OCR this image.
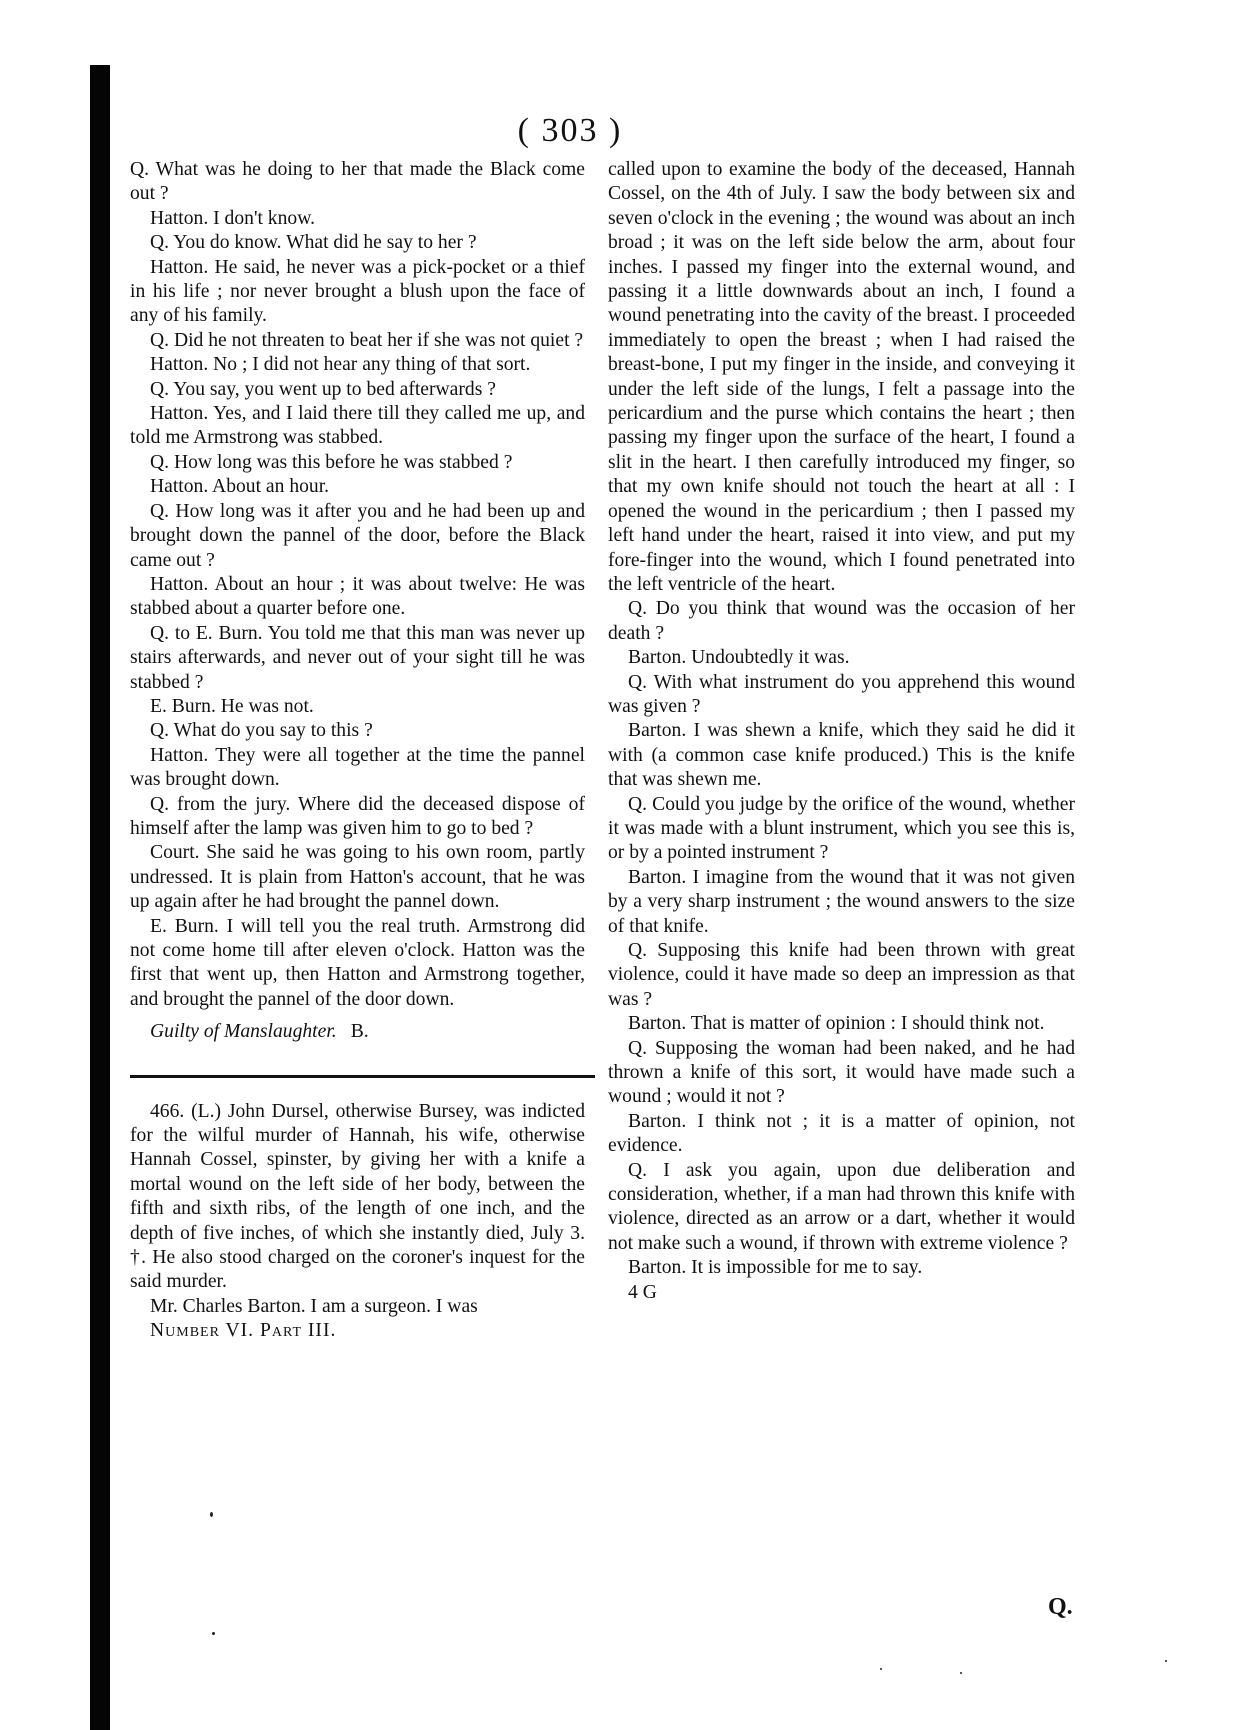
( 303 )

Q. What was he doing to her that made the Black come out ?

Hatton. I don't know.

Q. You do know. What did he say to her ?

Hatton. He said, he never was a pick-pocket or a thief in his life ; nor never brought a blush upon the face of any of his family.

Q. Did he not threaten to beat her if she was not quiet ?

Hatton. No ; I did not hear any thing of that sort.

Q. You say, you went up to bed afterwards ?

Hatton. Yes, and I laid there till they called me up, and told me Armstrong was stabbed.

Q. How long was this before he was stabbed ?

Hatton. About an hour.

Q. How long was it after you and he had been up and brought down the pannel of the door, before the Black came out ?

Hatton. About an hour ; it was about twelve: He was stabbed about a quarter before one.

Q. to E. Burn. You told me that this man was never up stairs afterwards, and never out of your sight till he was stabbed ?

E. Burn. He was not.

Q. What do you say to this ?

Hatton. They were all together at the time the pannel was brought down.

Q. from the jury. Where did the deceased dispose of himself after the lamp was given him to go to bed ?

Court. She said he was going to his own room, partly undressed. It is plain from Hatton's account, that he was up again after he had brought the pannel down.

E. Burn. I will tell you the real truth. Armstrong did not come home till after eleven o'clock. Hatton was the first that went up, then Hatton and Armstrong together, and brought the pannel of the door down.

Guilty of Manslaughter. B.

466. (L.) John Dursel, otherwise Bursey, was indicted for the wilful murder of Hannah, his wife, otherwise Hannah Cossel, spinster, by giving her with a knife a mortal wound on the left side of her body, between the fifth and sixth ribs, of the length of one inch, and the depth of five inches, of which she instantly died, July 3. †. He also stood charged on the coroner's inquest for the said murder.

Mr. Charles Barton. I am a surgeon. I was

Number VI. Part III.

called upon to examine the body of the deceased, Hannah Cossel, on the 4th of July. I saw the body between six and seven o'clock in the evening ; the wound was about an inch broad ; it was on the left side below the arm, about four inches. I passed my finger into the external wound, and passing it a little downwards about an inch, I found a wound penetrating into the cavity of the breast. I proceeded immediately to open the breast ; when I had raised the breast-bone, I put my finger in the inside, and conveying it under the left side of the lungs, I felt a passage into the pericardium and the purse which contains the heart ; then passing my finger upon the surface of the heart, I found a slit in the heart. I then carefully introduced my finger, so that my own knife should not touch the heart at all : I opened the wound in the pericardium ; then I passed my left hand under the heart, raised it into view, and put my fore-finger into the wound, which I found penetrated into the left ventricle of the heart.

Q. Do you think that wound was the occasion of her death ?

Barton. Undoubtedly it was.

Q. With what instrument do you apprehend this wound was given ?

Barton. I was shewn a knife, which they said he did it with (a common case knife produced.) This is the knife that was shewn me.

Q. Could you judge by the orifice of the wound, whether it was made with a blunt instrument, which you see this is, or by a pointed instrument ?

Barton. I imagine from the wound that it was not given by a very sharp instrument ; the wound answers to the size of that knife.

Q. Supposing this knife had been thrown with great violence, could it have made so deep an impression as that was ?

Barton. That is matter of opinion : I should think not.

Q. Supposing the woman had been naked, and he had thrown a knife of this sort, it would have made such a wound ; would it not ?

Barton. I think not ; it is a matter of opinion, not evidence.

Q. I ask you again, upon due deliberation and consideration, whether, if a man had thrown this knife with violence, directed as an arrow or a dart, whether it would not make such a wound, if thrown with extreme violence ?

Barton. It is impossible for me to say.

4 G

Q.
